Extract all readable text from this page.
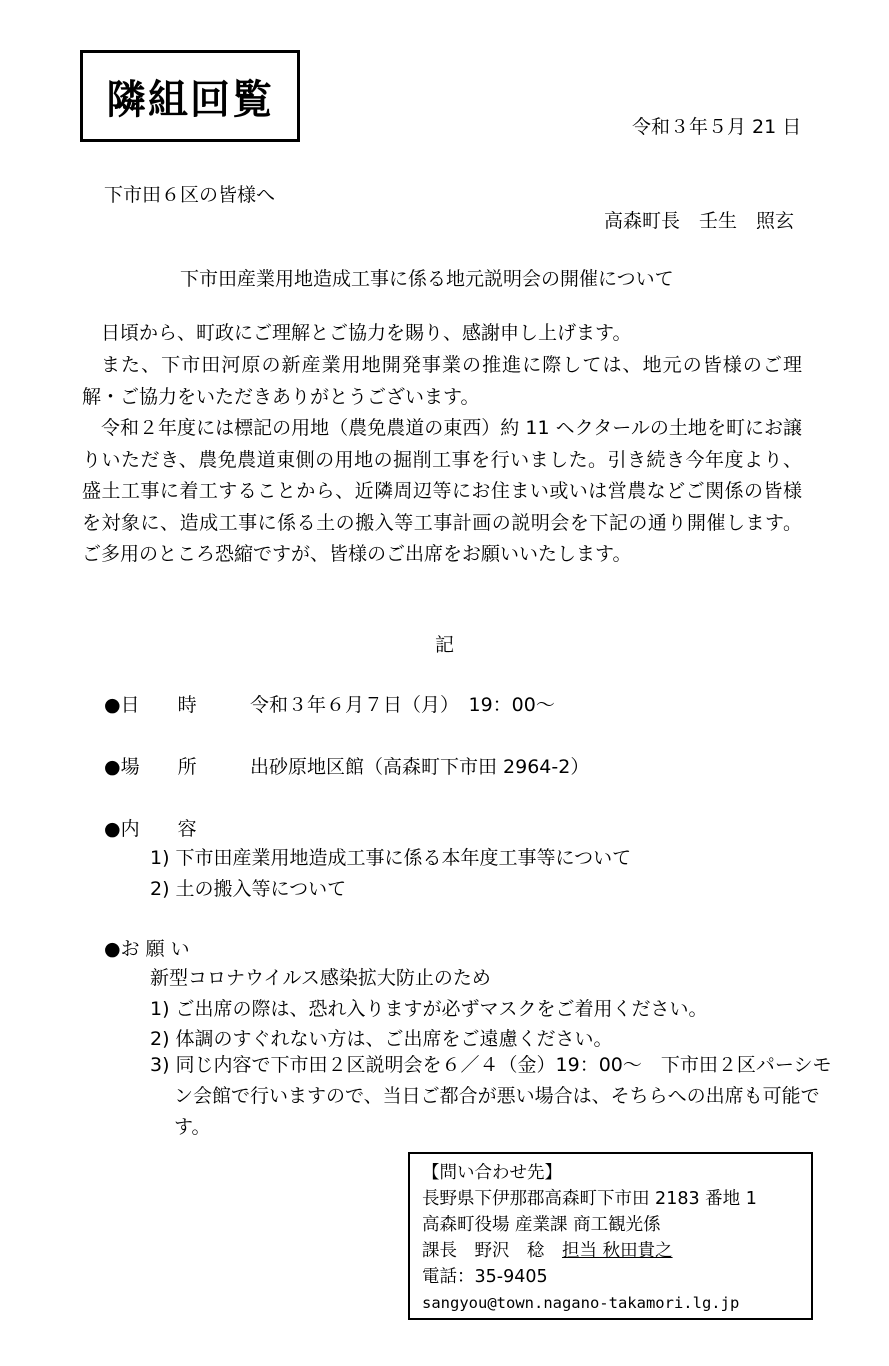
隣組回覧
令和３年５月 21 日
下市田６区の皆様へ
高森町長　壬生　照玄
下市田産業用地造成工事に係る地元説明会の開催について
日頃から、町政にご理解とご協力を賜り、感謝申し上げます。
また、下市田河原の新産業用地開発事業の推進に際しては、地元の皆様のご理解・ご協力をいただきありがとうございます。
令和２年度には標記の用地（農免農道の東西）約 11 ヘクタールの土地を町にお譲りいただき、農免農道東側の用地の掘削工事を行いました。引き続き今年度より、盛土工事に着工することから、近隣周辺等にお住まい或いは営農などご関係の皆様を対象に、造成工事に係る土の搬入等工事計画の説明会を下記の通り開催します。ご多用のところ恐縮ですが、皆様のご出席をお願いいたします。
記
●日　　時	令和３年６月７日（月）　19：00～
●場　　所	出砂原地区館（高森町下市田 2964-2）
●内　　容
1) 下市田産業用地造成工事に係る本年度工事等について
2) 土の搬入等について
●お 願 い
新型コロナウイルス感染拡大防止のため
1) ご出席の際は、恐れ入りますが必ずマスクをご着用ください。
2) 体調のすぐれない方は、ご出席をご遠慮ください。
3) 同じ内容で下市田２区説明会を６／４（金）19：00～　下市田２区パーシモン会館で行いますので、当日ご都合が悪い場合は、そちらへの出席も可能です。
【問い合わせ先】
長野県下伊那郡高森町下市田 2183 番地 1
高森町役場 産業課 商工観光係
課長　野沢　稔　 担当 秋田貴之
電話：35-9405
sangyou@town.nagano-takamori.lg.jp
